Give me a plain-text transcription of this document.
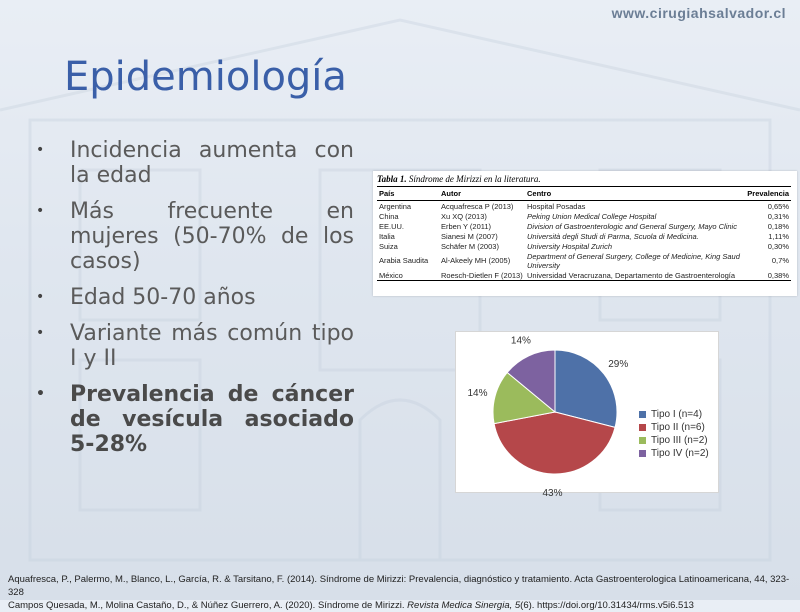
www.cirugiahsalvador.cl
Epidemiología
• Incidencia aumenta con la edad
• Más frecuente en mujeres (50-70% de los casos)
• Edad 50-70 años
• Variante más común tipo I y II
• Prevalencia de cáncer de vesícula asociado 5-28%
Tabla 1. Síndrome de Mirizzi en la literatura.
País	Autor	Centro	Prevalencia
Argentina	Acquafresca P (2013)	Hospital Posadas	0,65%
China	Xu XQ (2013)	Peking Union Medical College Hospital	0,31%
EE.UU.	Erben Y (2011)	Division of Gastroenterologic and General Surgery, Mayo Clinic	0,18%
Italia	Sianesi M (2007)	Università degli Studi di Parma, Scuola di Medicina.	1,11%
Suiza	Schäfer M (2003)	University Hospital Zurich	0,30%
Arabia Saudita	Al-Akeely MH (2005)	Department of General Surgery, College of Medicine, King Saud University	0,7%
México	Roesch-Dietlen F (2013)	Universidad Veracruzana, Departamento de Gastroenterología	0,38%
29%
43%
14%
14%
Tipo I (n=4)
Tipo II (n=6)
Tipo III (n=2)
Tipo IV (n=2)
Aquafresca, P., Palermo, M., Blanco, L., García, R. & Tarsitano, F. (2014). Síndrome de Mirizzi: Prevalencia, diagnóstico y tratamiento. Acta Gastroenterologica Latinoamericana, 44, 323-328
Campos Quesada, M., Molina Castaño, D., & Núñez Guerrero, A. (2020). Síndrome de Mirizzi. Revista Medica Sinergia, 5(6). https://doi.org/10.31434/rms.v5i6.513
